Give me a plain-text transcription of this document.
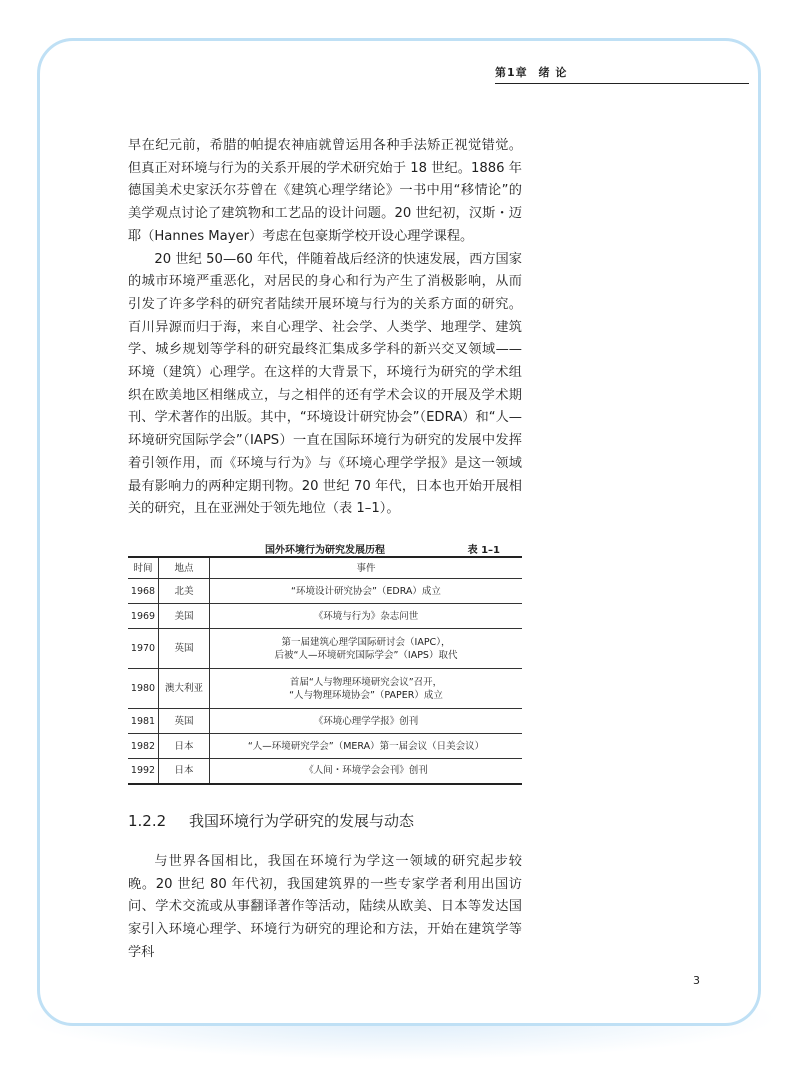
第1章 绪 论

早在纪元前，希腊的帕提农神庙就曾运用各种手法矫正视觉错觉。但真正对环境与行为的关系开展的学术研究始于 18 世纪。1886 年德国美术史家沃尔芬曾在《建筑心理学绪论》一书中用“移情论”的美学观点讨论了建筑物和工艺品的设计问题。20 世纪初，汉斯・迈耶（Hannes Mayer）考虑在包豪斯学校开设心理学课程。

20 世纪 50—60 年代，伴随着战后经济的快速发展，西方国家的城市环境严重恶化，对居民的身心和行为产生了消极影响，从而引发了许多学科的研究者陆续开展环境与行为的关系方面的研究。百川异源而归于海，来自心理学、社会学、人类学、地理学、建筑学、城乡规划等学科的研究最终汇集成多学科的新兴交叉领域——环境（建筑）心理学。在这样的大背景下，环境行为研究的学术组织在欧美地区相继成立，与之相伴的还有学术会议的开展及学术期刊、学术著作的出版。其中，“环境设计研究协会”（EDRA）和“人—环境研究国际学会”（IAPS）一直在国际环境行为研究的发展中发挥着引领作用，而《环境与行为》与《环境心理学学报》是这一领域最有影响力的两种定期刊物。20 世纪 70 年代，日本也开始开展相关的研究，且在亚洲处于领先地位（表 1–1）。

国外环境行为研究发展历程	表 1–1
时间	地点	事件
1968	北美	“环境设计研究协会”（EDRA）成立
1969	美国	《环境与行为》杂志问世
1970	英国	第一届建筑心理学国际研讨会（IAPC），
后被“人—环境研究国际学会”（IAPS）取代
1980	澳大利亚	首届“人与物理环境研究会议”召开，
“人与物理环境协会”（PAPER）成立
1981	英国	《环境心理学学报》创刊
1982	日本	“人—环境研究学会”（MERA）第一届会议（日美会议）
1992	日本	《人间・环境学会会刊》创刊
1.2.2 我国环境行为学研究的发展与动态

与世界各国相比，我国在环境行为学这一领域的研究起步较晚。20 世纪 80 年代初，我国建筑界的一些专家学者利用出国访问、学术交流或从事翻译著作等活动，陆续从欧美、日本等发达国家引入环境心理学、环境行为研究的理论和方法，开始在建筑学等学科

3
